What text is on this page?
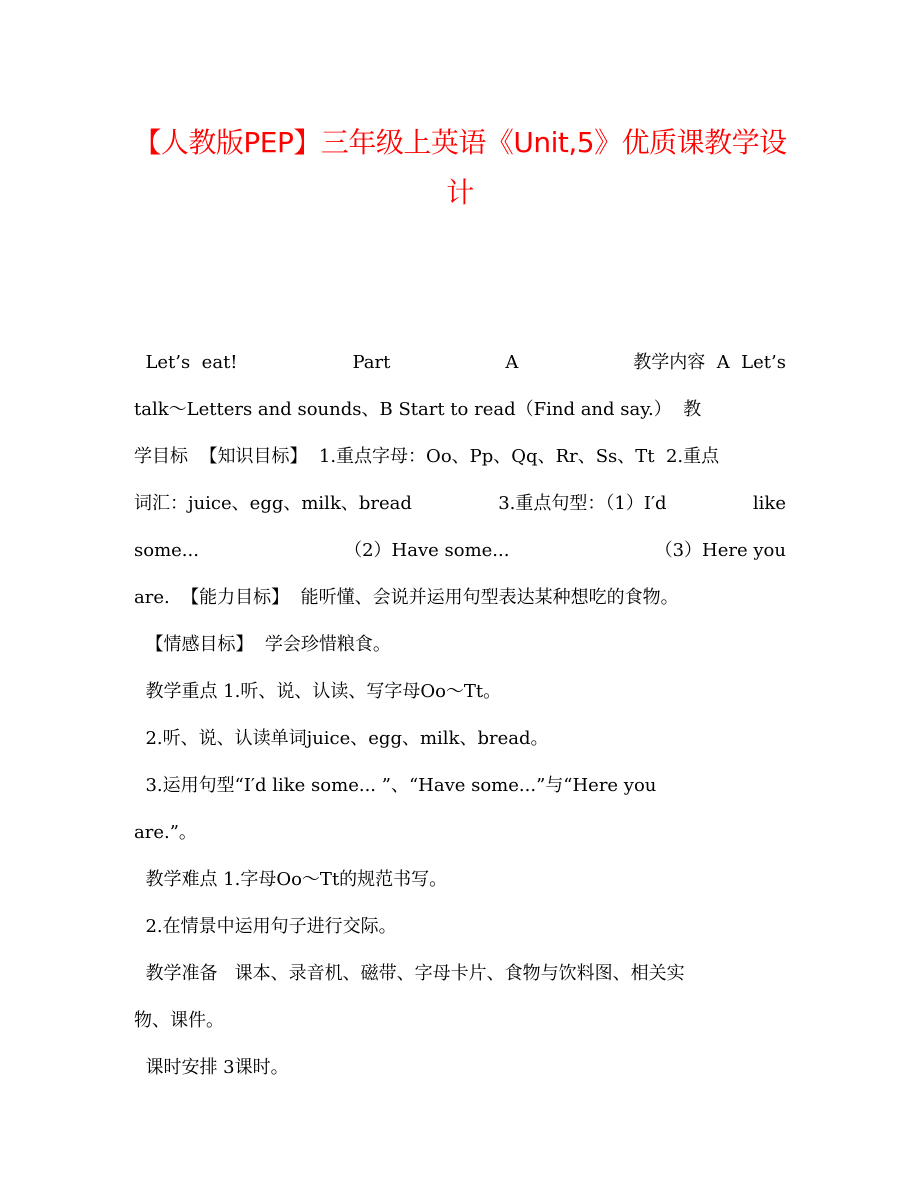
【人教版PEP】三年级上英语《Unit,5》优质课教学设
计
Let’s  eat!	Part	A	教学内容  A  Let’s
talk～Letters and sounds、B Start to read（Find and say.）  教
学目标  【知识目标】  1.重点字母：Oo、Pp、Qq、Rr、Ss、Tt  2.重点
词汇：juice、egg、milk、bread	3.重点句型：（1）I′d	like
some...	（2）Have some...	（3）Here you
are.  【能力目标】  能听懂、会说并运用句型表达某种想吃的食物。
【情感目标】  学会珍惜粮食。
教学重点 1.听、说、认读、写字母Oo～Tt。
2.听、说、认读单词juice、egg、milk、bread。
3.运用句型“I′d like some... ”、“Have some...”与“Here you
are.”。
教学难点 1.字母Oo～Tt的规范书写。
2.在情景中运用句子进行交际。
教学准备   课本、录音机、磁带、字母卡片、食物与饮料图、相关实
物、课件。
课时安排 3课时。
